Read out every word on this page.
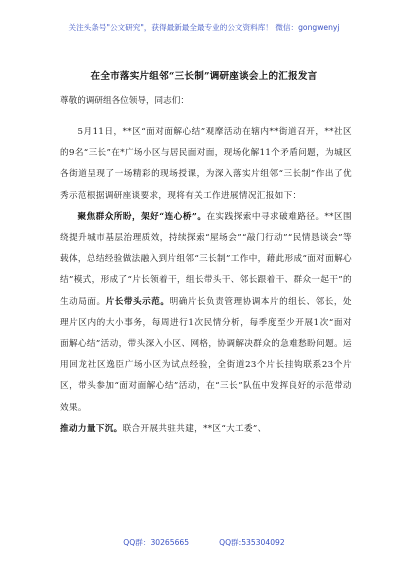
关注头条号"公文研究"，获得最新最全最专业的公文资料库！ 微信：gongwenyj
在全市落实片组邻“三长制”调研座谈会上的汇报发言
尊敬的调研组各位领导，同志们：

5月11日，**区“面对面解心结”观摩活动在辖内**街道召开，**社区的9名“三长”在*广场小区与居民面对面，现场化解11个矛盾问题，为城区各街道呈现了一场精彩的现场授课，为深入落实片组邻“三长制”作出了优秀示范根据调研座谈要求，现将有关工作进展情况汇报如下：

聚焦群众所盼，架好“连心桥”。在实践探索中寻求破难路径。**区围绕提升城市基层治理质效，持续探索“屋场会”“敲门行动”“民情恳谈会”等载体，总结经验做法融入到片组邻“三长制”工作中，藉此形成“面对面解心结”模式，形成了“片长领着干，组长带头干、邻长跟着干、群众一起干”的生动局面。片长带头示范。明确片长负责管理协调本片的组长、邻长，处理片区内的大小事务，每周进行1次民情分析，每季度至少开展1次“面对面解心结”活动，带头深入小区、网格，协调解决群众的急难愁盼问题。运用回龙社区逸臣广场小区为试点经验，全街道23个片长挂钩联系23个片区，带头参加“面对面解心结”活动，在“三长”队伍中发挥良好的示范带动效果。

推动力量下沉。联合开展共驻共建，**区“大工委”、

QQ群：30265665	QQ群:535304092
